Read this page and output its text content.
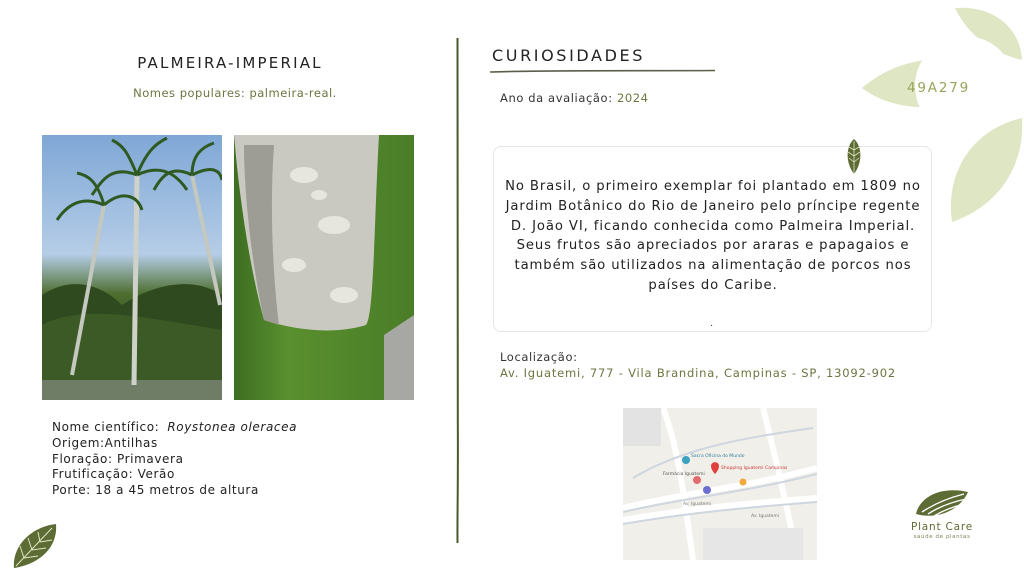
49A279
PALMEIRA-IMPERIAL
Nomes populares: palmeira-real.
Nome científico: Roystonea oleracea
Origem:Antilhas
Floração: Primavera
Frutificação: Verão
Porte: 18 a 45 metros de altura
CURIOSIDADES
Ano da avaliação: 2024
No Brasil, o primeiro exemplar foi plantado em 1809 no Jardim Botânico do Rio de Janeiro pelo príncipe regente D. João VI, ficando conhecida como Palmeira Imperial. Seus frutos são apreciados por araras e papagaios e também são utilizados na alimentação de porcos nos países do Caribe.
.
Localização:
Av. Iguatemi, 777 - Vila Brandina, Campinas - SP, 13092-902
Sacra Oficina do Mundo
Shopping Iguatemi Campinas
Farmácia Iguatemi
Av. Iguatemi
Av. Iguatemi
Plant Care
saúde de plantas
